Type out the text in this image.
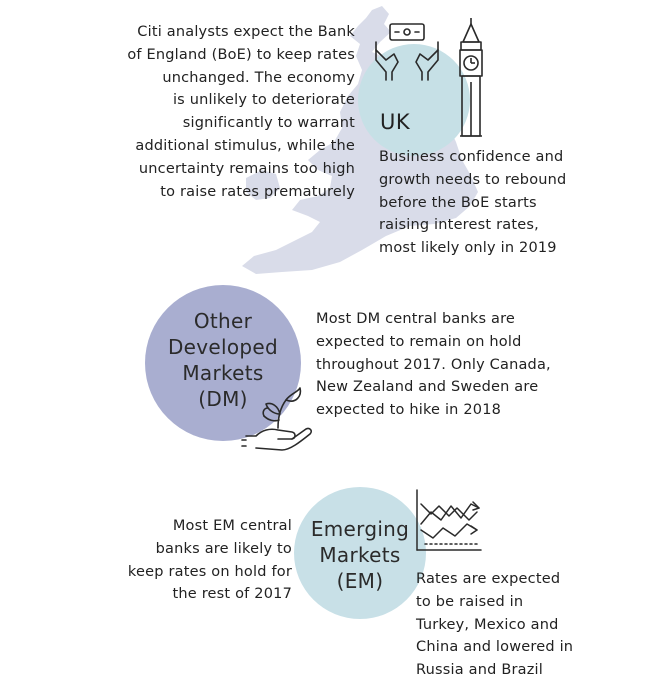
UK
Citi analysts expect the Bank
of England (BoE) to keep rates
unchanged. The economy
is unlikely to deteriorate
significantly to warrant
additional stimulus, while the
uncertainty remains too high
to raise rates prematurely
Business confidence and
growth needs to rebound
before the BoE starts
raising interest rates,
most likely only in 2019
Other
Developed
Markets
(DM)
Most DM central banks are
expected to remain on hold
throughout 2017. Only Canada,
New Zealand and Sweden are
expected to hike in 2018
Emerging
Markets
(EM)
Most EM central
banks are likely to
keep rates on hold for
the rest of 2017
Rates are expected
to be raised in
Turkey, Mexico and
China and lowered in
Russia and Brazil
